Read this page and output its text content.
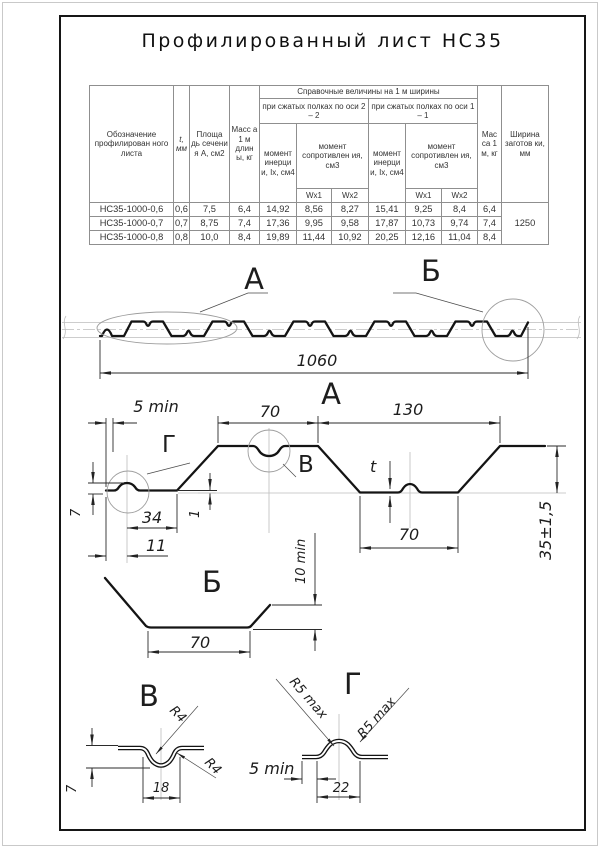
Профилированный лист НС35
Обозначение профилирован ного листа	t, мм	Площа дь сечени я А, см2	Масс а 1 м длин ы, кг	Справочные величины на 1 м ширины						Мас са 1 м, кг	Ширина заготов ки, мм
				при сжатых полках по оси 2 – 2			при сжатых полках по оси 1 – 1				
				момент инерци и, Ix, см4	момент сопротивлен ия, см3		момент инерци и, Ix, см4	момент сопротивлен ия, см3			
					Wx1	Wx2		Wx1	Wx2		
НС35-1000-0,6	0,6	7,5	6,4	14,92	8,56	8,27	15,41	9,25	8,4	6,4	1250
НС35-1000-0,7	0,7	8,75	7,4	17,36	9,95	9,58	17,87	10,73	9,74	7,4	
НС35-1000-0,8	0,8	10,0	8,4	19,89	11,44	10,92	20,25	12,16	11,04	8,4	
А	Б
1060
А
Г
В
5 min	70	130
7	34
11
1
t
70	35±1,5
Б	10 min
70
В
7	18
R4
R4
Г
5 min
22
R5 max R5 max
